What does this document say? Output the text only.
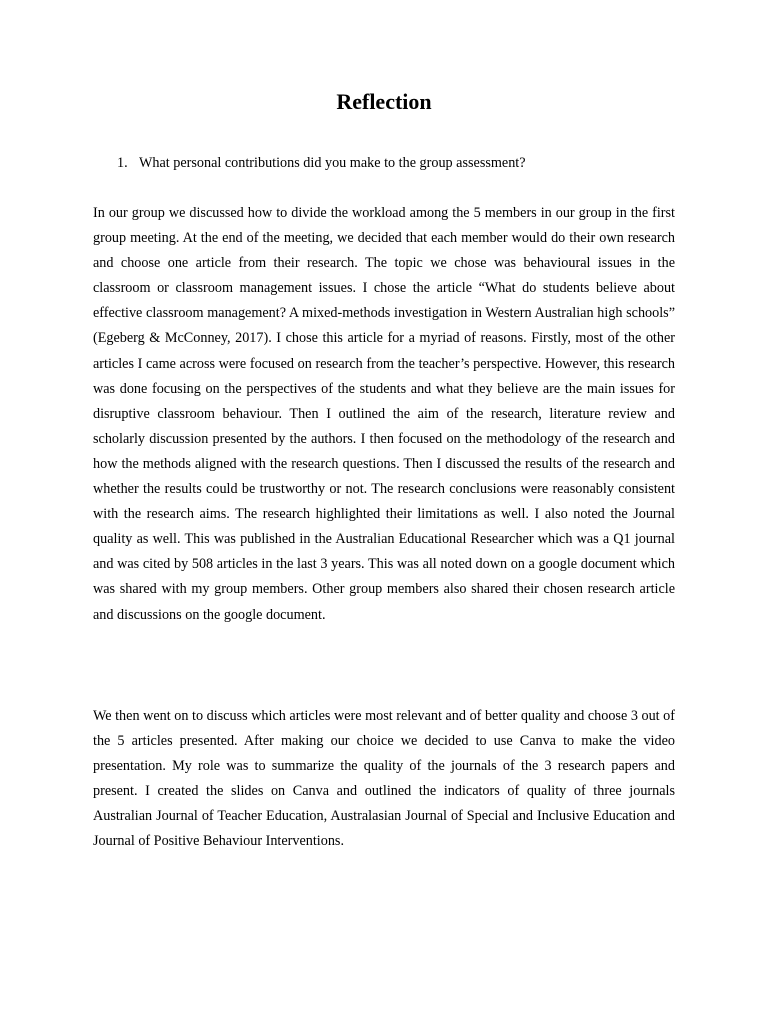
Reflection

1. What personal contributions did you make to the group assessment?

In our group we discussed how to divide the workload among the 5 members in our group in the first group meeting. At the end of the meeting, we decided that each member would do their own research and choose one article from their research. The topic we chose was behavioural issues in the classroom or classroom management issues. I chose the article “What do students believe about effective classroom management? A mixed-methods investigation in Western Australian high schools” (Egeberg & McConney, 2017). I chose this article for a myriad of reasons. Firstly, most of the other articles I came across were focused on research from the teacher’s perspective. However, this research was done focusing on the perspectives of the students and what they believe are the main issues for disruptive classroom behaviour. Then I outlined the aim of the research, literature review and scholarly discussion presented by the authors. I then focused on the methodology of the research and how the methods aligned with the research questions. Then I discussed the results of the research and whether the results could be trustworthy or not. The research conclusions were reasonably consistent with the research aims. The research highlighted their limitations as well. I also noted the Journal quality as well. This was published in the Australian Educational Researcher which was a Q1 journal and was cited by 508 articles in the last 3 years. This was all noted down on a google document which was shared with my group members. Other group members also shared their chosen research article and discussions on the google document.

We then went on to discuss which articles were most relevant and of better quality and choose 3 out of the 5 articles presented. After making our choice we decided to use Canva to make the video presentation. My role was to summarize the quality of the journals of the 3 research papers and present. I created the slides on Canva and outlined the indicators of quality of three journals Australian Journal of Teacher Education, Australasian Journal of Special and Inclusive Education and Journal of Positive Behaviour Interventions.
